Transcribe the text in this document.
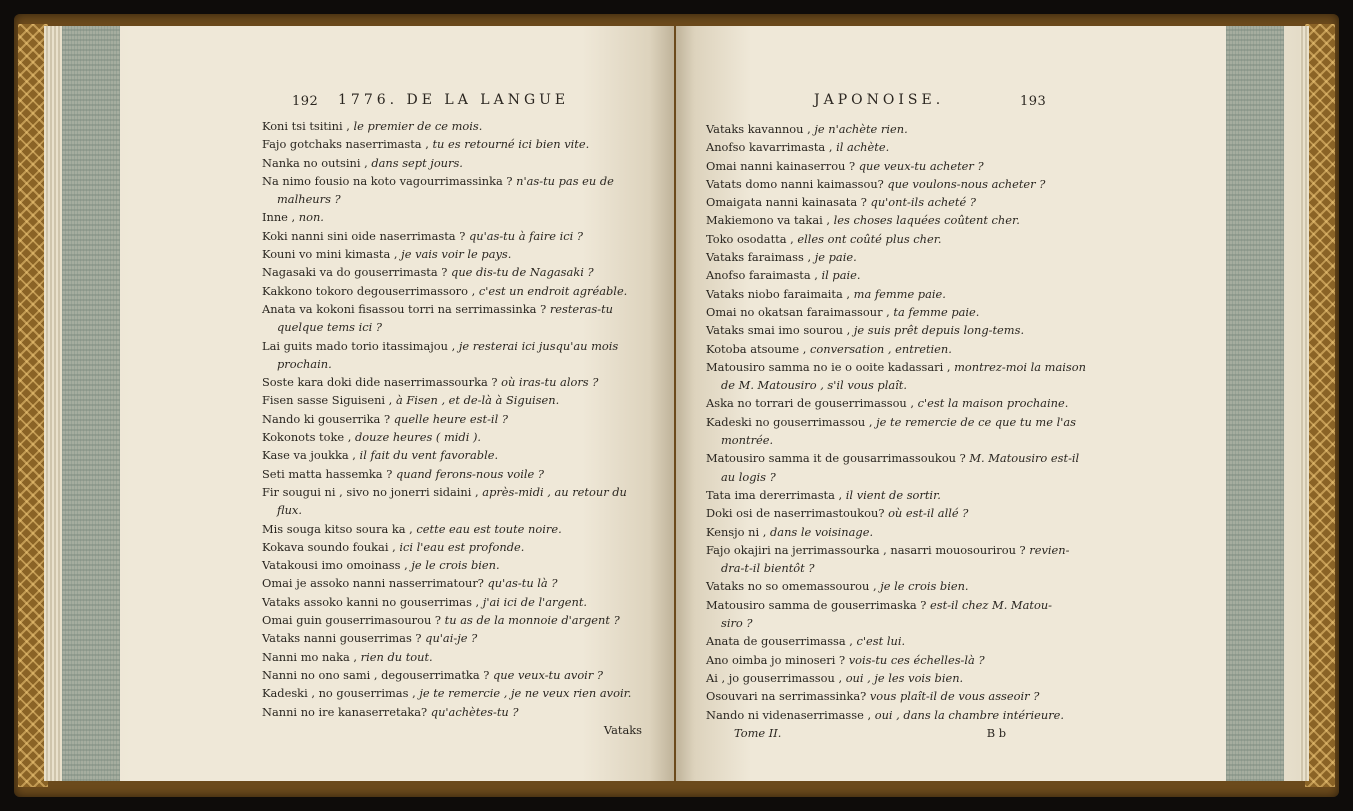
192 1776. DE LA LANGUE	JAPONOISE.	193
Koni tsi tsitini , le premier de ce mois.
Fajo gotchaks naserrimasta , tu es retourné ici bien vite.
Nanka no outsini , dans sept jours.
Na nimo fousio na koto vagourrimassinka ? n'as-tu pas eu de
malheurs ?
Inne , non.
Koki nanni sini oide naserrimasta ? qu'as-tu à faire ici ?
Kouni vo mini kimasta , je vais voir le pays.
Nagasaki va do gouserrimasta ? que dis-tu de Nagasaki ?
Kakkono tokoro degouserrimassoro , c'est un endroit agréable.
Anata va kokoni fisassou torri na serrimassinka ? resteras-tu
quelque tems ici ?
Lai guits mado torio itassimajou , je resterai ici jusqu'au mois
prochain.
Soste kara doki dide naserrimassourka ? où iras-tu alors ?
Fisen sasse Siguiseni , à Fisen , et de-là à Siguisen.
Nando ki gouserrika ? quelle heure est-il ?
Kokonots toke , douze heures ( midi ).
Kase va joukka , il fait du vent favorable.
Seti matta hassemka ? quand ferons-nous voile ?
Fir sougui ni , sivo no jonerri sidaini , après-midi , au retour du
flux.
Mis souga kitso soura ka , cette eau est toute noire.
Kokava soundo foukai , ici l'eau est profonde.
Vatakousi imo omoinass , je le crois bien.
Omai je assoko nanni nasserrimatour? qu'as-tu là ?
Vataks assoko kanni no gouserrimas , j'ai ici de l'argent.
Omai guin gouserrimasourou ? tu as de la monnoie d'argent ?
Vataks nanni gouserrimas ? qu'ai-je ?
Nanni mo naka , rien du tout.
Nanni no ono sami , degouserrimatka ? que veux-tu avoir ?
Kadeski , no gouserrimas , je te remercie , je ne veux rien avoir.
Nanni no ire kanaserretaka? qu'achètes-tu ?
Vataks
Vataks kavannou , je n'achète rien.
Anofso kavarrimasta , il achète.
Omai nanni kainaserrou ? que veux-tu acheter ?
Vatats domo nanni kaimassou? que voulons-nous acheter ?
Omaigata nanni kainasata ? qu'ont-ils acheté ?
Makiemono va takai , les choses laquées coûtent cher.
Toko osodatta , elles ont coûté plus cher.
Vataks faraimass , je paie.
Anofso faraimasta , il paie.
Vataks niobo faraimaita , ma femme paie.
Omai no okatsan faraimassour , ta femme paie.
Vataks smai imo sourou , je suis prêt depuis long-tems.
Kotoba atsoume , conversation , entretien.
Matousiro samma no ie o ooite kadassari , montrez-moi la maison
de M. Matousiro , s'il vous plaît.
Aska no torrari de gouserrimassou , c'est la maison prochaine.
Kadeski no gouserrimassou , je te remercie de ce que tu me l'as
montrée.
Matousiro samma it de gousarrimassoukou ? M. Matousiro est-il
au logis ?
Tata ima dererrimasta , il vient de sortir.
Doki osi de naserrimastoukou? où est-il allé ?
Kensjo ni , dans le voisinage.
Fajo okajiri na jerrimassourka , nasarri mouosourirou ? revien-
dra-t-il bientôt ?
Vataks no so omemassourou , je le crois bien.
Matousiro samma de gouserrimaska ? est-il chez M. Matou-
siro ?
Anata de gouserrimassa , c'est lui.
Ano oimba jo minoseri ? vois-tu ces échelles-là ?
Ai , jo gouserrimassou , oui , je les vois bien.
Osouvari na serrimassinka? vous plaît-il de vous asseoir ?
Nando ni videnaserrimasse , oui , dans la chambre intérieure.
Tome II.	B b
